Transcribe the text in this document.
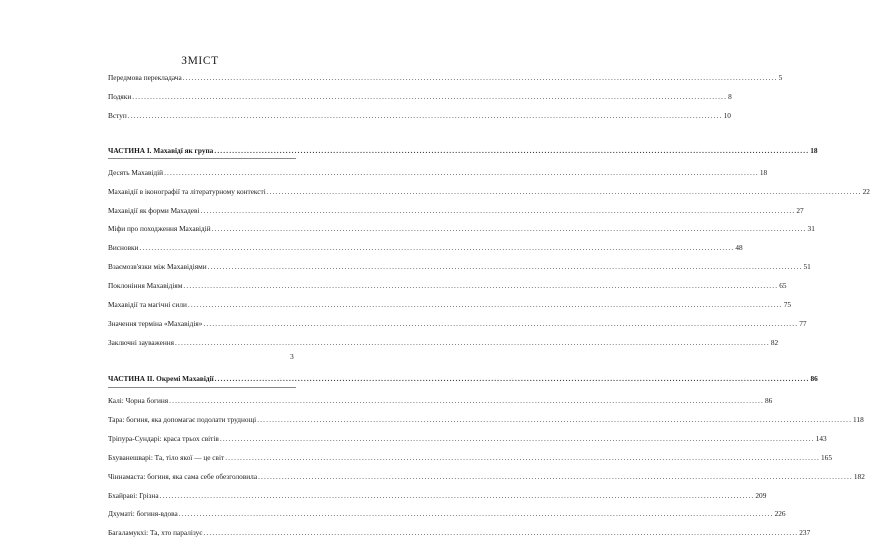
ЗМІСТ
Передмова перекладача ........................................................................................................................................................................................................ 5
Подяки ........................................................................................................................................................................................................ 8
Вступ ........................................................................................................................................................................................................ 10
ЧАСТИНА І. Махавідї як група ........................................................................................................................................................................................................ 18
Десять Махавідій ........................................................................................................................................................................................................ 18
Махавідії в іконографії та літературному контексті ........................................................................................................................................................................................................ 22
Махавідії як форми Махадеві ........................................................................................................................................................................................................ 27
Міфи про походження Махавідій ........................................................................................................................................................................................................ 31
Висновки ........................................................................................................................................................................................................ 48
Взаємозв'язки між Махавідіями ........................................................................................................................................................................................................ 51
Поклоніння Махавідіям ........................................................................................................................................................................................................ 65
Махавідії та магічні сили ........................................................................................................................................................................................................ 75
Значення терміна «Махавідія» ........................................................................................................................................................................................................ 77
Заключні зауваження ........................................................................................................................................................................................................ 82
ЧАСТИНА ІІ. Окремі Махавідії ........................................................................................................................................................................................................ 86
Калі: Чорна богиня ........................................................................................................................................................................................................ 86
Тара: богиня, яка допомагає подолати труднощі ........................................................................................................................................................................................................ 118
Тріпура-Сундарі: краса трьох світів ........................................................................................................................................................................................................ 143
Бхуванешварі: Та, тіло якої — це світ ........................................................................................................................................................................................................ 165
Чіннамаста: богиня, яка сама себе обезголовила ........................................................................................................................................................................................................ 182
Бхайраві: Грізна ........................................................................................................................................................................................................ 209
Дхуматі: богиня-вдова ........................................................................................................................................................................................................ 226
Багаламукхі: Та, хто паралізує ........................................................................................................................................................................................................ 237
3
